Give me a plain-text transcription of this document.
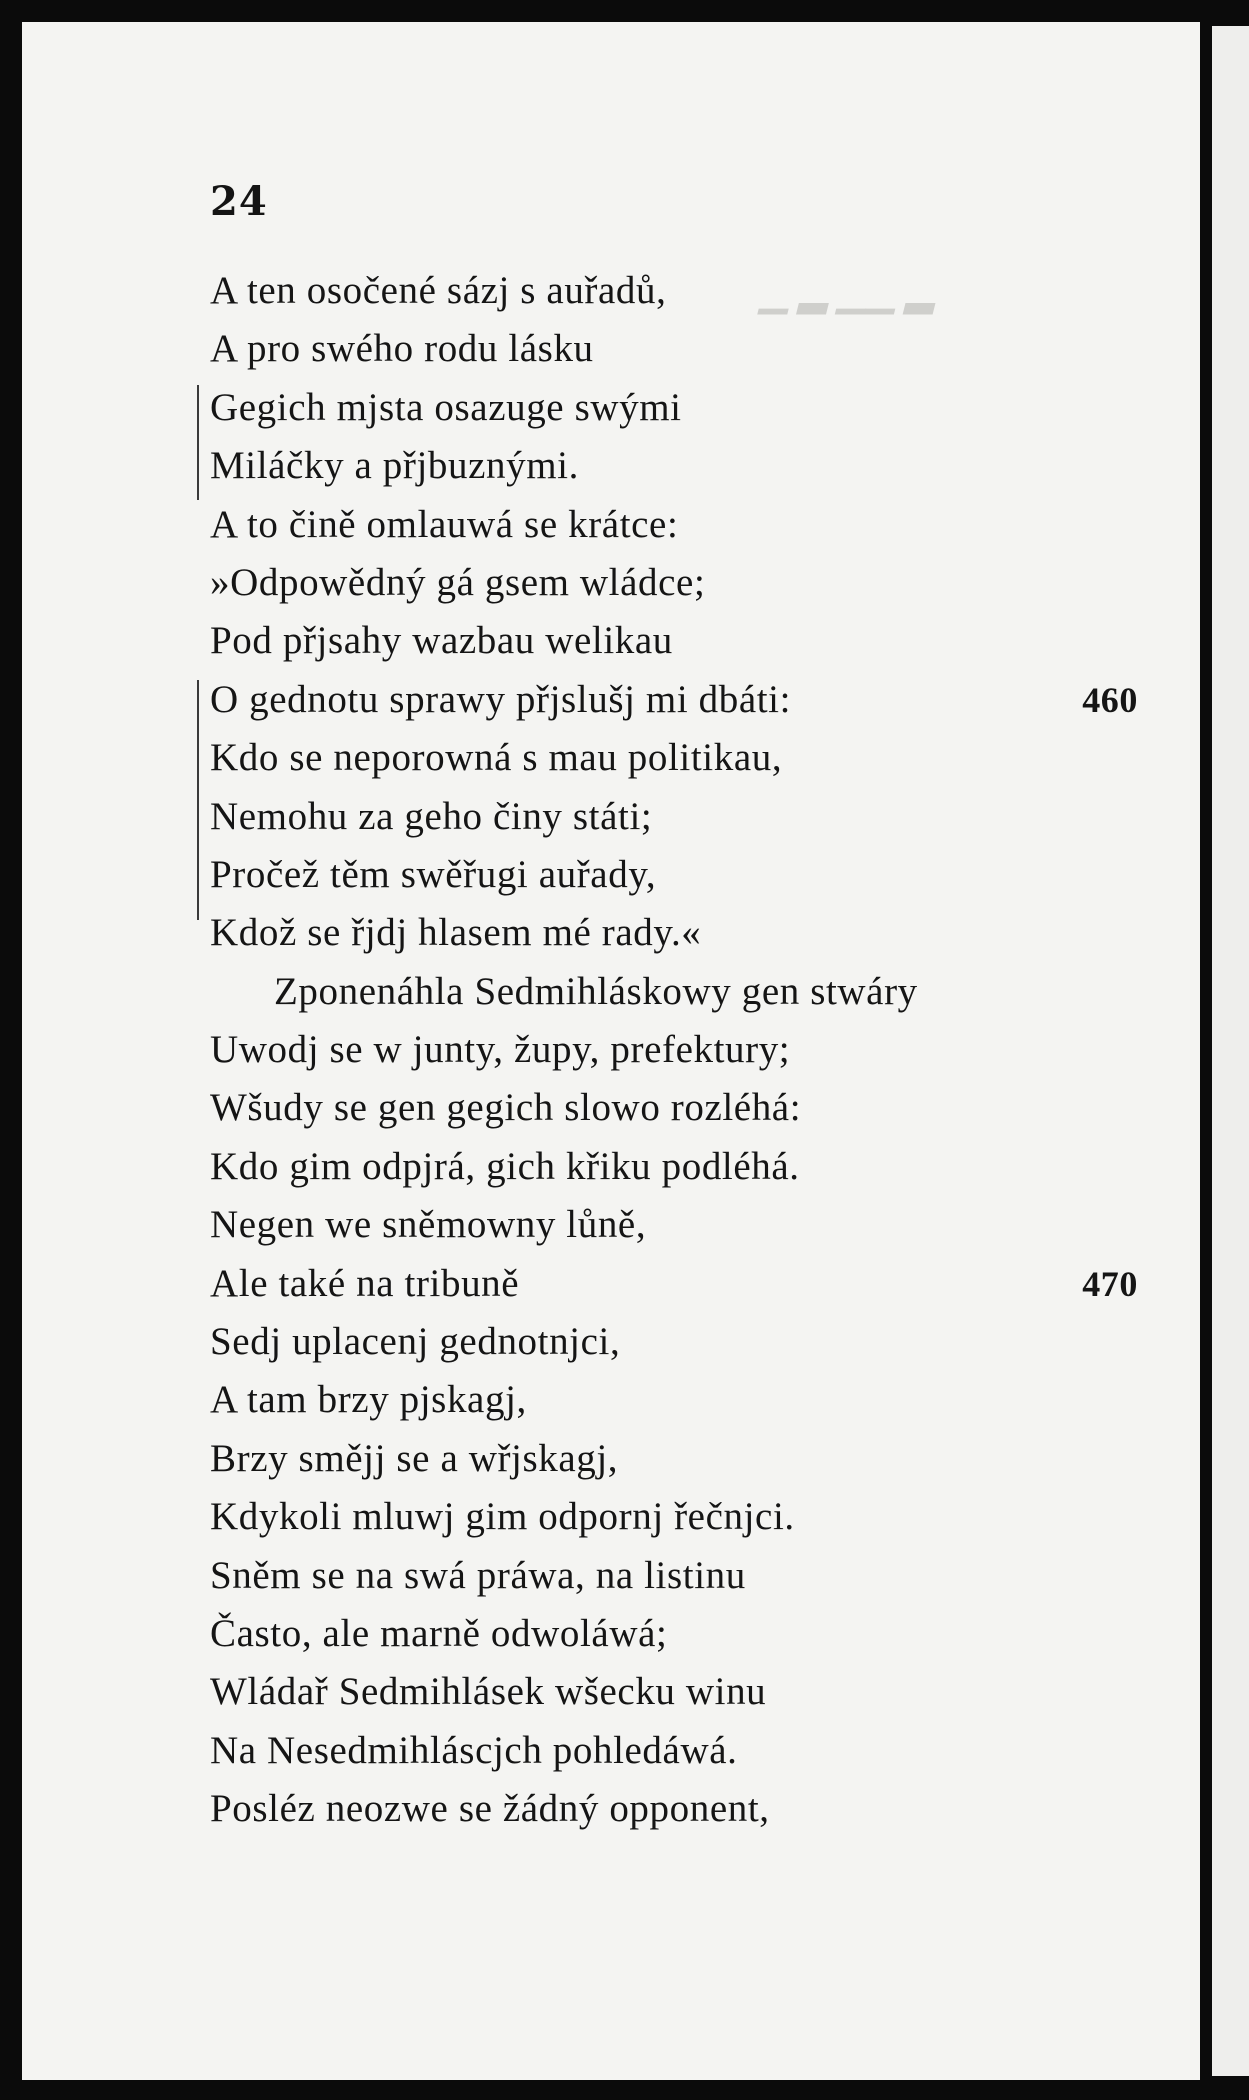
▁ ▂ ▁▁ ▂
24
A ten osočené sázj s auřadů,
A pro swého rodu lásku
Gegich mjsta osazuge swými
Miláčky a přjbuznými.
A to čině omlauwá se krátce:
»Odpowědný gá gsem wládce;
Pod přjsahy wazbau welikau
O gednotu sprawy přjslušj mi dbáti:	460
Kdo se neporowná s mau politikau,
Nemohu za geho činy státi;
Pročež těm swěřugi auřady,
Kdož se řjdj hlasem mé rady.«
Zponenáhla Sedmihláskowy gen stwáry
Uwodj se w junty, župy, prefektury;
Wšudy se gen gegich slowo rozléhá:
Kdo gim odpjrá, gich křiku podléhá.
Negen we sněmowny lůně,
Ale také na tribuně	470
Sedj uplacenj gednotnjci,
A tam brzy pjskagj,
Brzy smějj se a wřjskagj,
Kdykoli mluwj gim odpornj řečnjci.
Sněm se na swá práwa, na listinu
Často, ale marně odwoláwá;
Wládař Sedmihlásek wšecku winu
Na Nesedmihláscjch pohledáwá.
Posléz neozwe se žádný opponent,
